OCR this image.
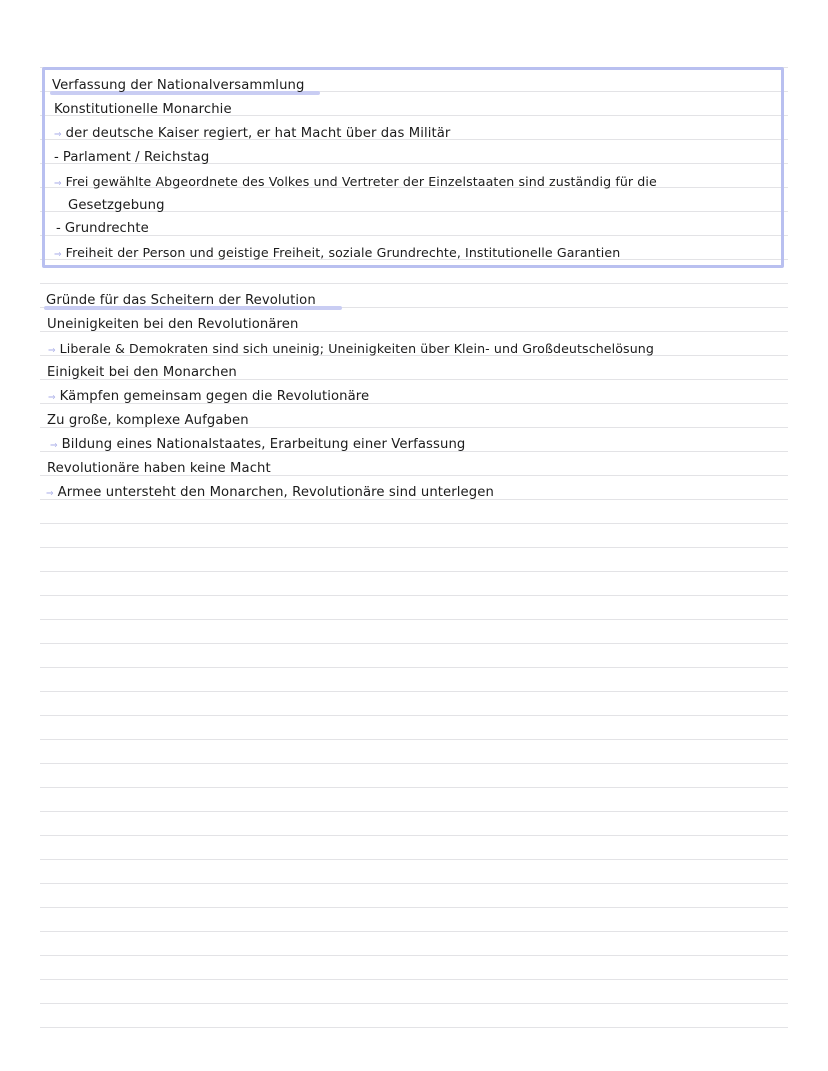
Verfassung der Nationalversammlung
Konstitutionelle Monarchie
⇒ der deutsche Kaiser regiert, er hat Macht über das Militär
- Parlament / Reichstag
⇒ Frei gewählte Abgeordnete des Volkes und Vertreter der Einzelstaaten sind zuständig für die
Gesetzgebung
- Grundrechte
⇒ Freiheit der Person und geistige Freiheit, soziale Grundrechte, Institutionelle Garantien
Gründe für das Scheitern der Revolution
Uneinigkeiten bei den Revolutionären
⇒ Liberale & Demokraten sind sich uneinig; Uneinigkeiten über Klein- und Großdeutschelösung
Einigkeit bei den Monarchen
⇒ Kämpfen gemeinsam gegen die Revolutionäre
Zu große, komplexe Aufgaben
⇒ Bildung eines Nationalstaates, Erarbeitung einer Verfassung
Revolutionäre haben keine Macht
⇒ Armee untersteht den Monarchen, Revolutionäre sind unterlegen
